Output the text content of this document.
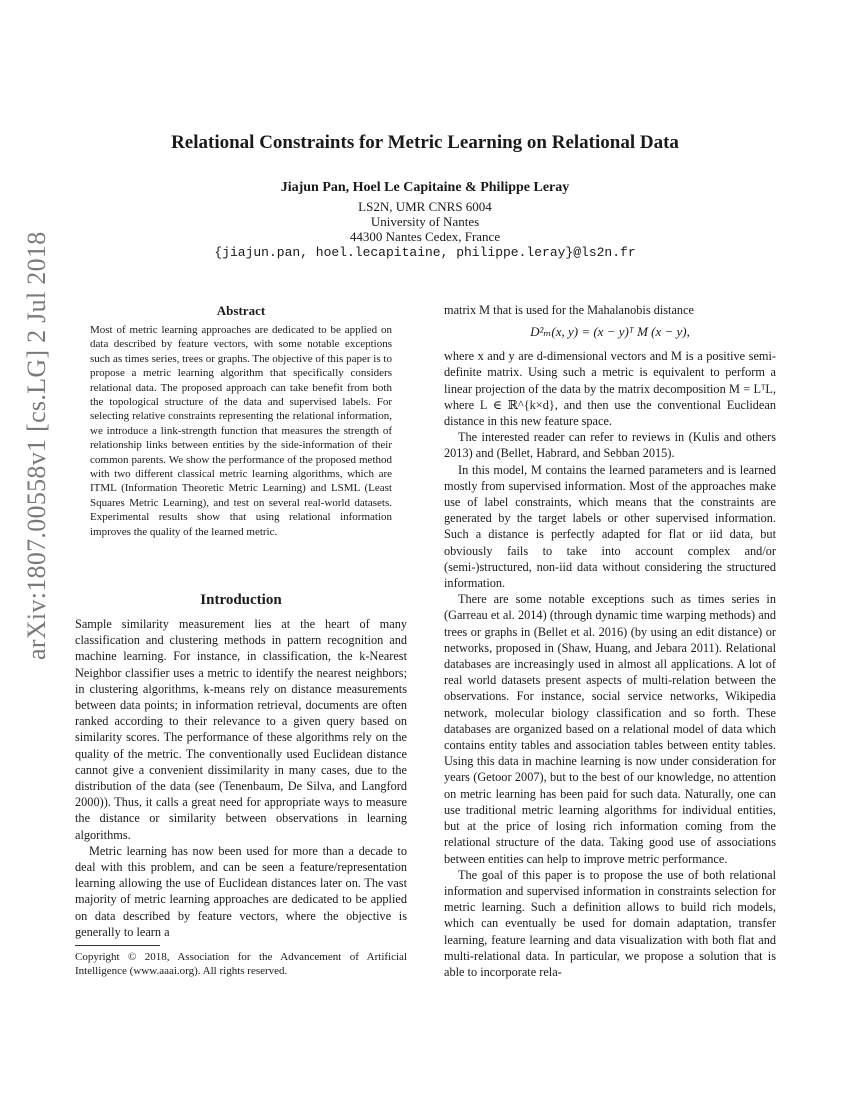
arXiv:1807.00558v1 [cs.LG] 2 Jul 2018
Relational Constraints for Metric Learning on Relational Data
Jiajun Pan, Hoel Le Capitaine & Philippe Leray
LS2N, UMR CNRS 6004
University of Nantes
44300 Nantes Cedex, France
{jiajun.pan, hoel.lecapitaine, philippe.leray}@ls2n.fr
Abstract
Most of metric learning approaches are dedicated to be applied on data described by feature vectors, with some notable exceptions such as times series, trees or graphs. The objective of this paper is to propose a metric learning algorithm that specifically considers relational data. The proposed approach can take benefit from both the topological structure of the data and supervised labels. For selecting relative constraints representing the relational information, we introduce a link-strength function that measures the strength of relationship links between entities by the side-information of their common parents. We show the performance of the proposed method with two different classical metric learning algorithms, which are ITML (Information Theoretic Metric Learning) and LSML (Least Squares Metric Learning), and test on several real-world datasets. Experimental results show that using relational information improves the quality of the learned metric.
Introduction

Sample similarity measurement lies at the heart of many classification and clustering methods in pattern recognition and machine learning. For instance, in classification, the k-Nearest Neighbor classifier uses a metric to identify the nearest neighbors; in clustering algorithms, k-means rely on distance measurements between data points; in information retrieval, documents are often ranked according to their relevance to a given query based on similarity scores. The performance of these algorithms rely on the quality of the metric. The conventionally used Euclidean distance cannot give a convenient dissimilarity in many cases, due to the distribution of the data (see (Tenenbaum, De Silva, and Langford 2000)). Thus, it calls a great need for appropriate ways to measure the distance or similarity between observations in learning algorithms.

Metric learning has now been used for more than a decade to deal with this problem, and can be seen a feature/representation learning allowing the use of Euclidean distances later on. The vast majority of metric learning approaches are dedicated to be applied on data described by feature vectors, where the objective is generally to learn a

Copyright © 2018, Association for the Advancement of Artificial Intelligence (www.aaai.org). All rights reserved.

matrix M that is used for the Mahalanobis distance

D²ₘ(x, y) = (x − y)ᵀ M (x − y),

where x and y are d-dimensional vectors and M is a positive semi-definite matrix. Using such a metric is equivalent to perform a linear projection of the data by the matrix decomposition M = LᵀL, where L ∈ ℝ^{k×d}, and then use the conventional Euclidean distance in this new feature space.

The interested reader can refer to reviews in (Kulis and others 2013) and (Bellet, Habrard, and Sebban 2015).

In this model, M contains the learned parameters and is learned mostly from supervised information. Most of the approaches make use of label constraints, which means that the constraints are generated by the target labels or other supervised information. Such a distance is perfectly adapted for flat or iid data, but obviously fails to take into account complex and/or (semi-)structured, non-iid data without considering the structured information.

There are some notable exceptions such as times series in (Garreau et al. 2014) (through dynamic time warping methods) and trees or graphs in (Bellet et al. 2016) (by using an edit distance) or networks, proposed in (Shaw, Huang, and Jebara 2011). Relational databases are increasingly used in almost all applications. A lot of real world datasets present aspects of multi-relation between the observations. For instance, social service networks, Wikipedia network, molecular biology classification and so forth. These databases are organized based on a relational model of data which contains entity tables and association tables between entity tables. Using this data in machine learning is now under consideration for years (Getoor 2007), but to the best of our knowledge, no attention on metric learning has been paid for such data. Naturally, one can use traditional metric learning algorithms for individual entities, but at the price of losing rich information coming from the relational structure of the data. Taking good use of associations between entities can help to improve metric performance.

The goal of this paper is to propose the use of both relational information and supervised information in constraints selection for metric learning. Such a definition allows to build rich models, which can eventually be used for domain adaptation, transfer learning, feature learning and data visualization with both flat and multi-relational data. In particular, we propose a solution that is able to incorporate rela-
